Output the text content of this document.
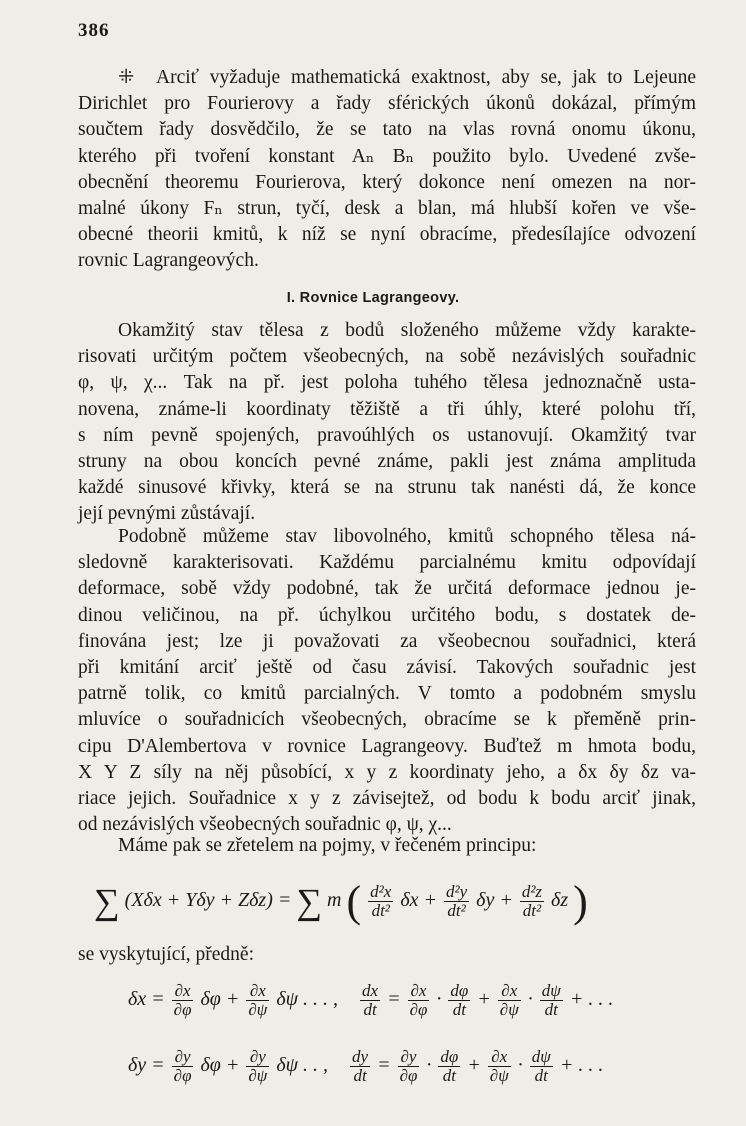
386
⁜ Arciť vyžaduje mathematická exaktnost, aby se, jak to Lejeune
Dirichlet pro Fourierovy a řady sférických úkonů dokázal, přímým
součtem řady dosvědčilo, že se tato na vlas rovná onomu úkonu,
kterého při tvoření konstant Aₙ Bₙ použito bylo. Uvedené zvše-
obecnění theoremu Fourierova, který dokonce není omezen na nor-
malné úkony Fₙ strun, tyčí, desk a blan, má hlubší kořen ve vše-
obecné theorii kmitů, k níž se nyní obracíme, předesílajíce odvození
rovnic Lagrangeových.
I. Rovnice Lagrangeovy.
Okamžitý stav tělesa z bodů složeného můžeme vždy karakte-
risovati určitým počtem všeobecných, na sobě nezávislých souřadnic
φ, ψ, χ... Tak na př. jest poloha tuhého tělesa jednoznačně usta-
novena, známe-li koordinaty těžiště a tři úhly, které polohu tří,
s ním pevně spojených, pravoúhlých os ustanovují. Okamžitý tvar
struny na obou koncích pevné známe, pakli jest známa amplituda
každé sinusové křivky, která se na strunu tak nanésti dá, že konce
její pevnými zůstávají.
Podobně můžeme stav libovolného, kmitů schopného tělesa ná-
sledovně karakterisovati. Každému parcialnému kmitu odpovídají
deformace, sobě vždy podobné, tak že určitá deformace jednou je-
dinou veličinou, na př. úchylkou určitého bodu, s dostatek de-
finována jest; lze ji považovati za všeobecnou souřadnici, která
při kmitání arciť ještě od času závisí. Takových souřadnic jest
patrně tolik, co kmitů parcialných. V tomto a podobném smyslu
mluvíce o souřadnicích všeobecných, obracíme se k přeměně prin-
cipu D'Alembertova v rovnice Lagrangeovy. Buďtež m hmota bodu,
X Y Z síly na něj působící, x y z koordinaty jeho, a δx δy δz va-
riace jejich. Souřadnice x y z závisejtež, od bodu k bodu arciť jinak,
od nezávislých všeobecných souřadnic φ, ψ, χ...
Máme pak se zřetelem na pojmy, v řečeném principu:
∑ (Xδx + Yδy + Zδz) = ∑ m ( $\frac{\text{d²x}}{\text{dt²}}$ $\delta x + \frac{\text{d²y}}{\text{dt²}}$ $\delta y + \frac{\text{d²z}}{\text{dt²}}$ δz )
se vyskytující, předně:
$\delta x = \frac{\partial x}{\partial\varphi}$ $\delta\varphi + \frac{\partial x}{\partial\psi}$ δψ . . . , $\frac{dx}{dt} = \frac{\partial x}{\partial\varphi} \cdot \frac{d\varphi}{dt} + \frac{\partial x}{\partial\psi} \cdot \frac{d\psi}{dt}$ + . . .
$\delta y = \frac{\partial y}{\partial\varphi}$ $\delta\varphi + \frac{\partial y}{\partial\psi}$ δψ . . , $\frac{dy}{dt} = \frac{\partial y}{\partial\varphi} \cdot \frac{d\varphi}{dt} + \frac{\partial x}{\partial\psi} \cdot \frac{d\psi}{dt}$ + . . .
